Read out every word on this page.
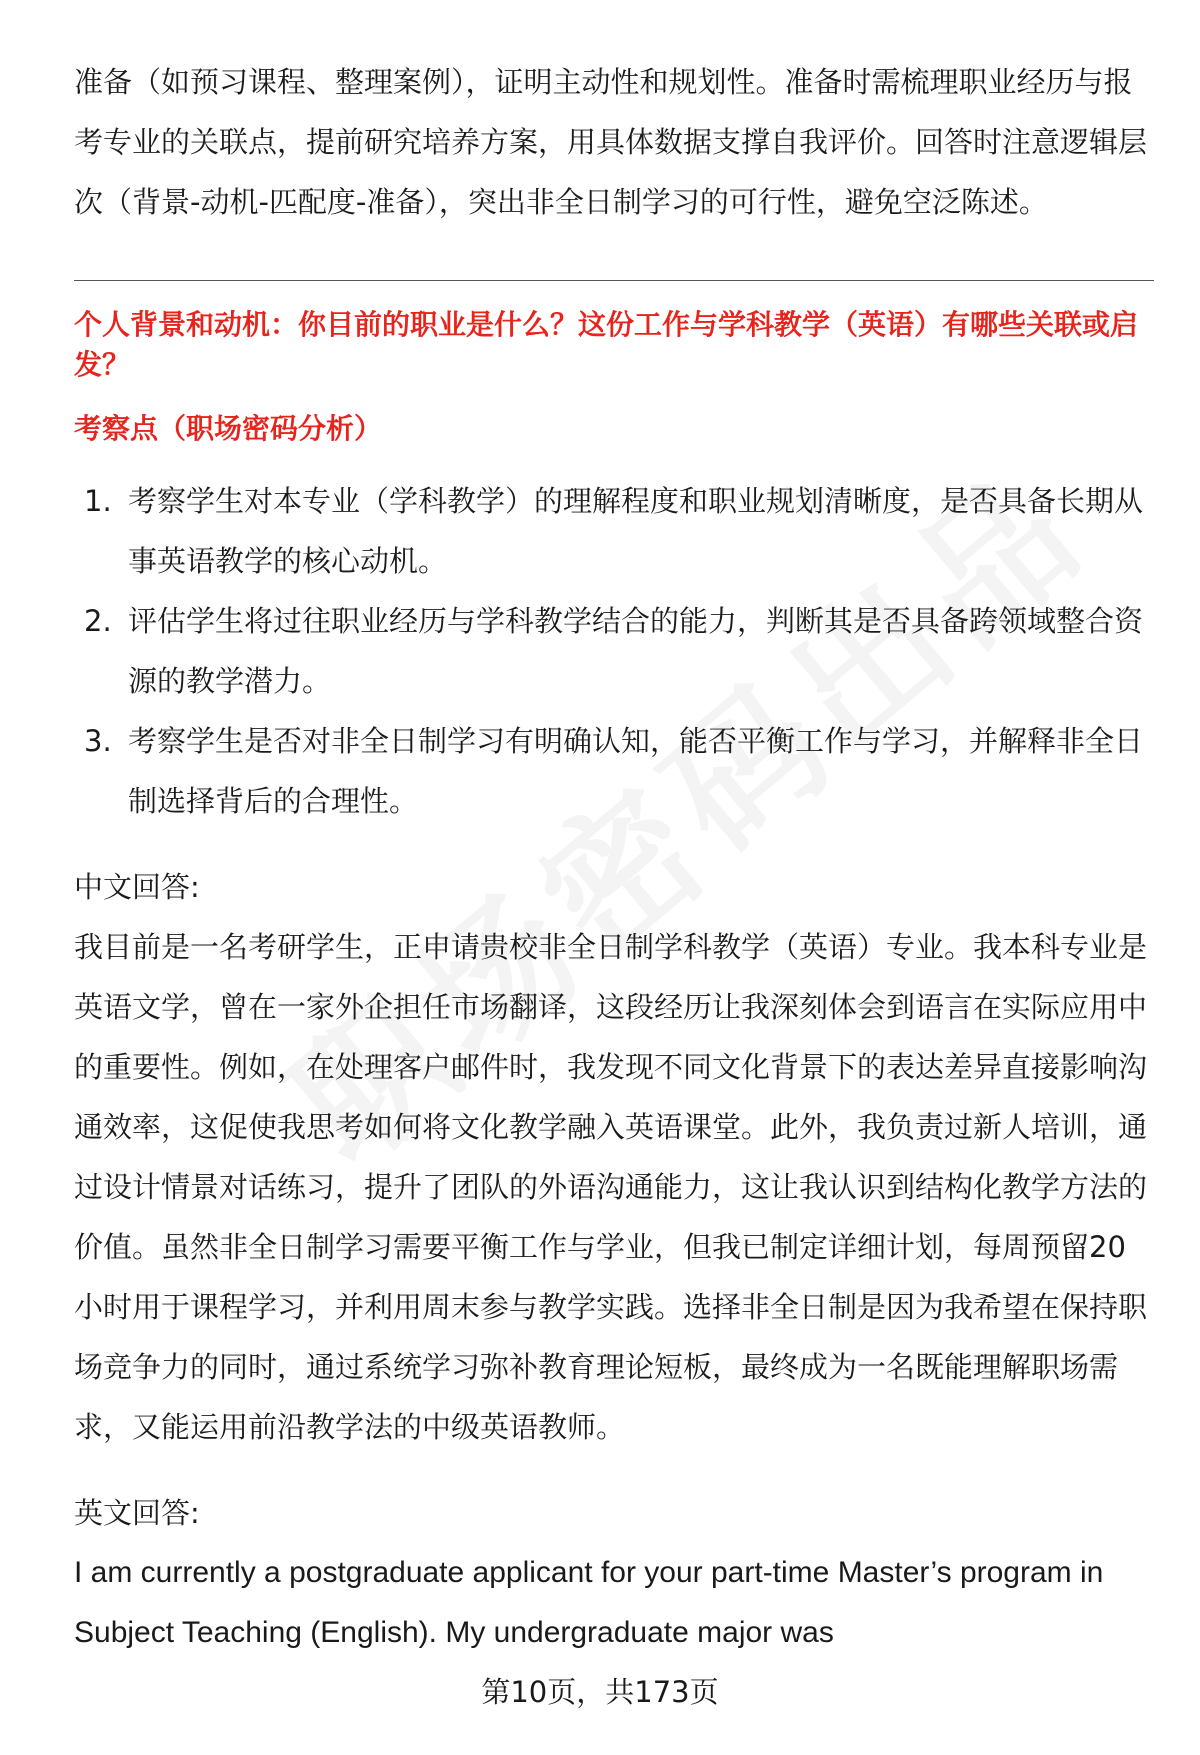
准备（如预习课程、整理案例），证明主动性和规划性。准备时需梳理职业经历与报考专业的关联点，提前研究培养方案，用具体数据支撑自我评价。回答时注意逻辑层次（背景-动机-匹配度-准备），突出非全日制学习的可行性，避免空泛陈述。

个人背景和动机：你目前的职业是什么？这份工作与学科教学（英语）有哪些关联或启发？

考察点（职场密码分析）

1. 考察学生对本专业（学科教学）的理解程度和职业规划清晰度，是否具备长期从事英语教学的核心动机。
2. 评估学生将过往职业经历与学科教学结合的能力，判断其是否具备跨领域整合资源的教学潜力。
3. 考察学生是否对非全日制学习有明确认知，能否平衡工作与学习，并解释非全日制选择背后的合理性。

中文回答:

我目前是一名考研学生，正申请贵校非全日制学科教学（英语）专业。我本科专业是英语文学，曾在一家外企担任市场翻译，这段经历让我深刻体会到语言在实际应用中的重要性。例如，在处理客户邮件时，我发现不同文化背景下的表达差异直接影响沟通效率，这促使我思考如何将文化教学融入英语课堂。此外，我负责过新人培训，通过设计情景对话练习，提升了团队的外语沟通能力，这让我认识到结构化教学方法的价值。虽然非全日制学习需要平衡工作与学业，但我已制定详细计划，每周预留20小时用于课程学习，并利用周末参与教学实践。选择非全日制是因为我希望在保持职场竞争力的同时，通过系统学习弥补教育理论短板，最终成为一名既能理解职场需求，又能运用前沿教学法的中级英语教师。

英文回答:

I am currently a postgraduate applicant for your part-time Master’s program in Subject Teaching (English). My undergraduate major was

第10页，共173页
